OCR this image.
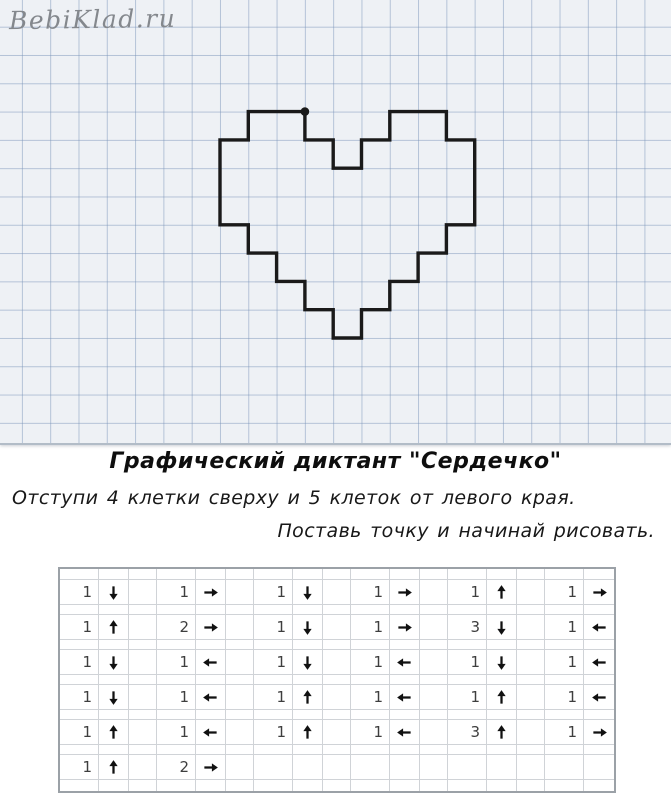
BebiKlad.ru
Графический диктант "Сердечко"
Отступи 4 клетки сверху и 5 клеток от левого края.
Поставь точку и начинай рисовать.
1	1	1	1	1	1
1	2	1	1	3	1
1	1	1	1	1	1
1	1	1	1	1	1
1	1	1	1	3	1
1	2
